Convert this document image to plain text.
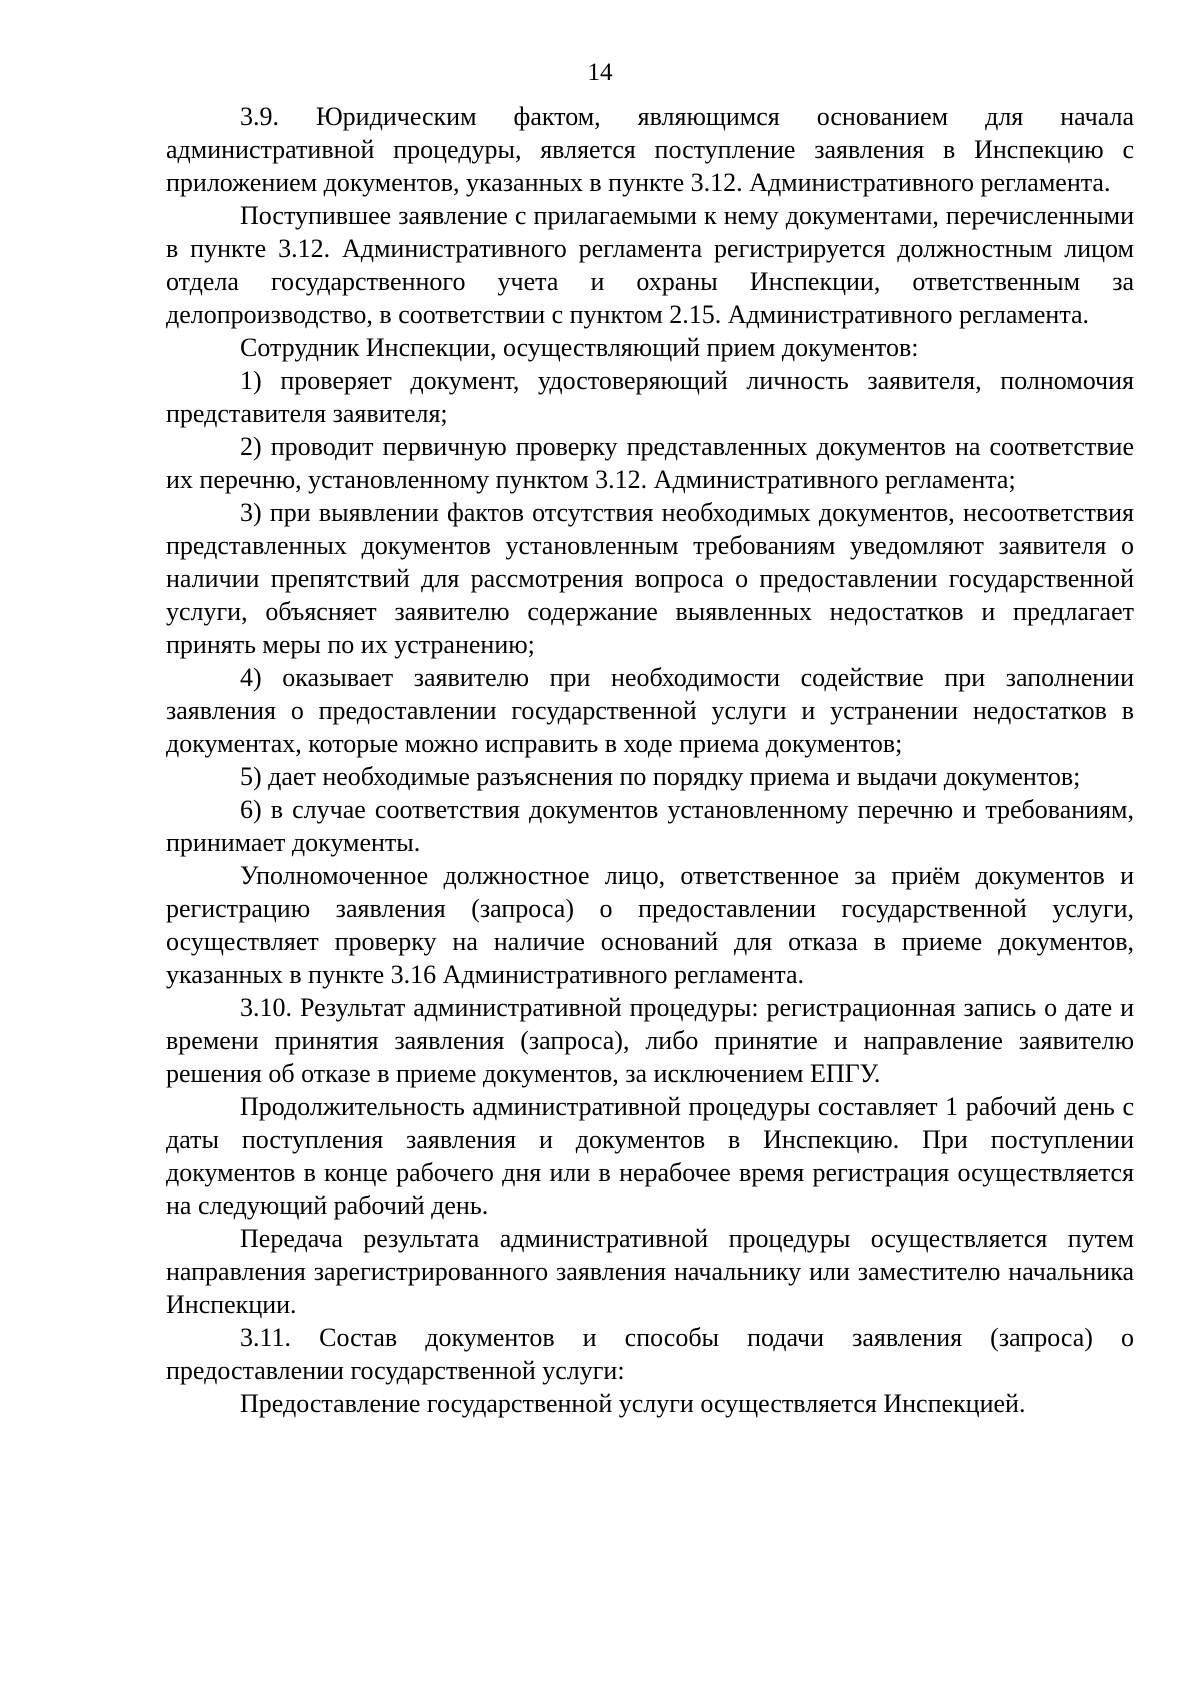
14

3.9. Юридическим фактом, являющимся основанием для начала административной процедуры, является поступление заявления в Инспекцию с приложением документов, указанных в пункте 3.12. Административного регламента.

Поступившее заявление с прилагаемыми к нему документами, перечисленными в пункте 3.12. Административного регламента регистрируется должностным лицом отдела государственного учета и охраны Инспекции, ответственным за делопроизводство, в соответствии с пунктом 2.15. Административного регламента.

Сотрудник Инспекции, осуществляющий прием документов:

1) проверяет документ, удостоверяющий личность заявителя, полномочия представителя заявителя;

2) проводит первичную проверку представленных документов на соответствие их перечню, установленному пунктом 3.12. Административного регламента;

3) при выявлении фактов отсутствия необходимых документов, несоответствия представленных документов установленным требованиям уведомляют заявителя о наличии препятствий для рассмотрения вопроса о предоставлении государственной услуги, объясняет заявителю содержание выявленных недостатков и предлагает принять меры по их устранению;

4) оказывает заявителю при необходимости содействие при заполнении заявления о предоставлении государственной услуги и устранении недостатков в документах, которые можно исправить в ходе приема документов;

5) дает необходимые разъяснения по порядку приема и выдачи документов;

6) в случае соответствия документов установленному перечню и требованиям, принимает документы.

Уполномоченное должностное лицо, ответственное за приём документов и регистрацию заявления (запроса) о предоставлении государственной услуги, осуществляет проверку на наличие оснований для отказа в приеме документов, указанных в пункте 3.16 Административного регламента.

3.10. Результат административной процедуры: регистрационная запись о дате и времени принятия заявления (запроса), либо принятие и направление заявителю решения об отказе в приеме документов, за исключением ЕПГУ.

Продолжительность административной процедуры составляет 1 рабочий день с даты поступления заявления и документов в Инспекцию. При поступлении документов в конце рабочего дня или в нерабочее время регистрация осуществляется на следующий рабочий день.

Передача результата административной процедуры осуществляется путем направления зарегистрированного заявления начальнику или заместителю начальника Инспекции.

3.11. Состав документов и способы подачи заявления (запроса) о предоставлении государственной услуги:

Предоставление государственной услуги осуществляется Инспекцией.
